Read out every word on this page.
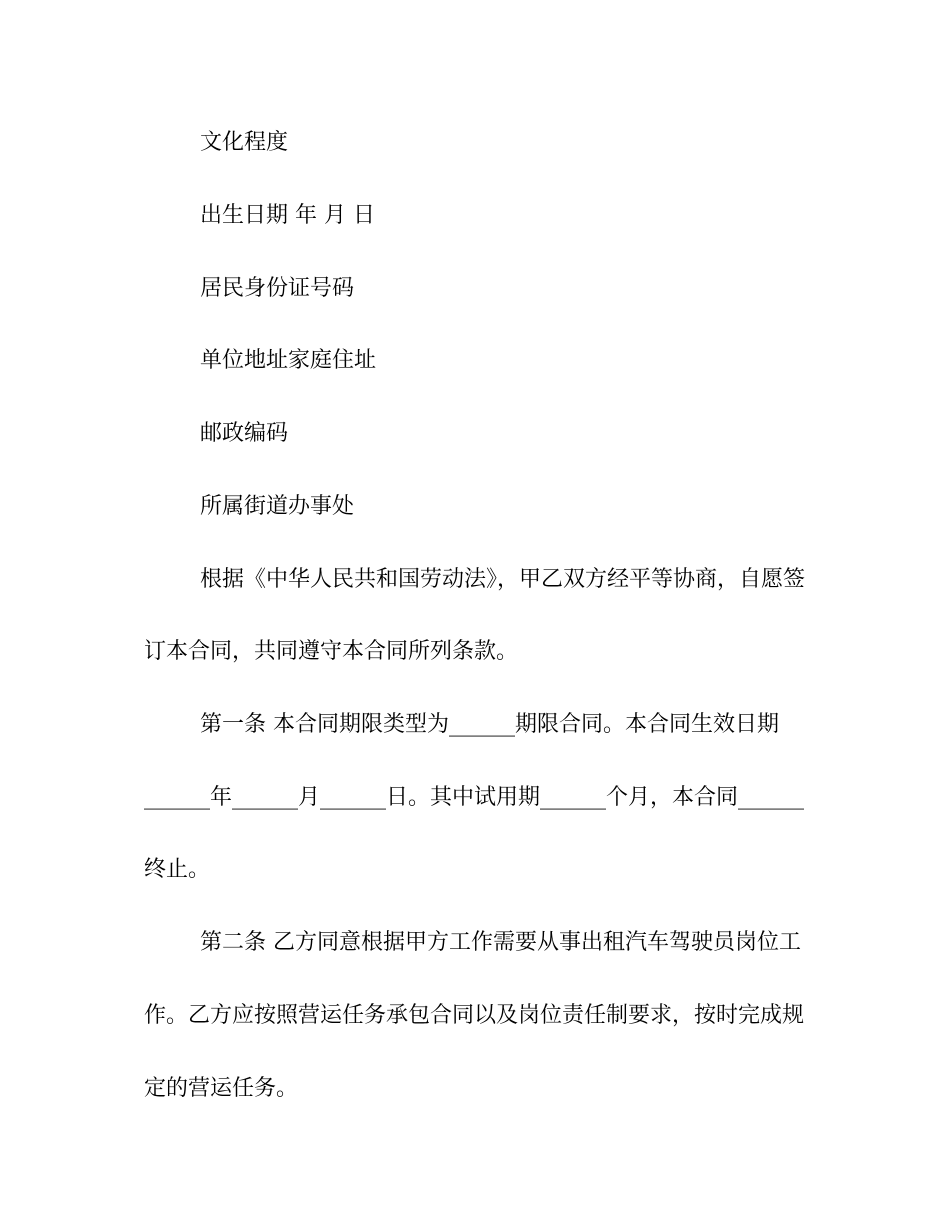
文化程度

出生日期 年 月 日

居民身份证号码

单位地址家庭住址

邮政编码

所属街道办事处

根据《中华人民共和国劳动法》，甲乙双方经平等协商，自愿签

订本合同，共同遵守本合同所列条款。

第一条 本合同期限类型为______期限合同。本合同生效日期

______年______月______日。其中试用期______个月，本合同______

终止。

第二条 乙方同意根据甲方工作需要从事出租汽车驾驶员岗位工

作。乙方应按照营运任务承包合同以及岗位责任制要求，按时完成规

定的营运任务。
